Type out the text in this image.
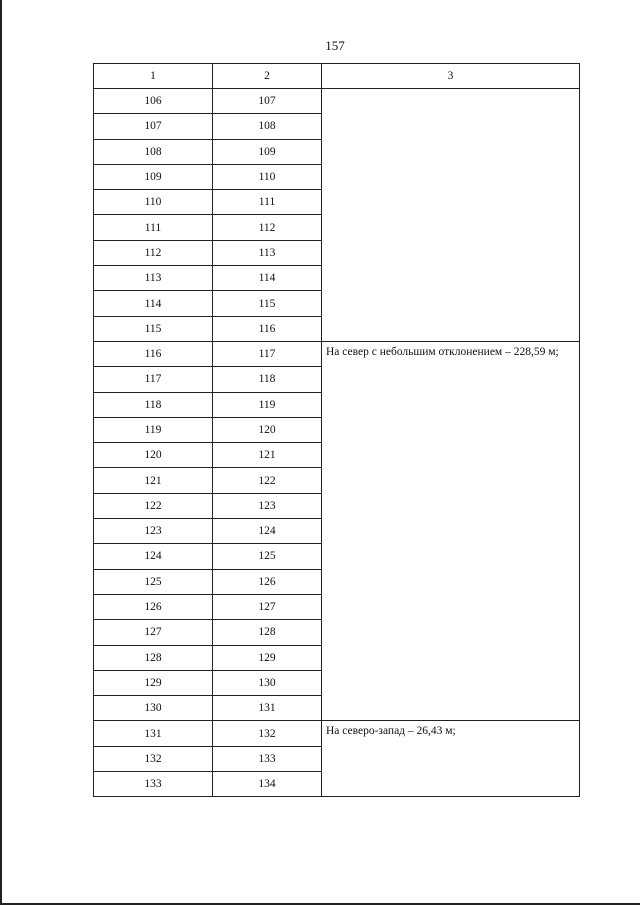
157
1	2	3
106	107	
107	108	
108	109	
109	110	
110	111	
111	112	
112	113	
113	114	
114	115	
115	116	
116	117	На север с небольшим отклонением – 228,59 м;
117	118	
118	119	
119	120	
120	121	
121	122	
122	123	
123	124	
124	125	
125	126	
126	127	
127	128	
128	129	
129	130	
130	131	
131	132	На северо-запад – 26,43 м;
132	133	
133	134	
